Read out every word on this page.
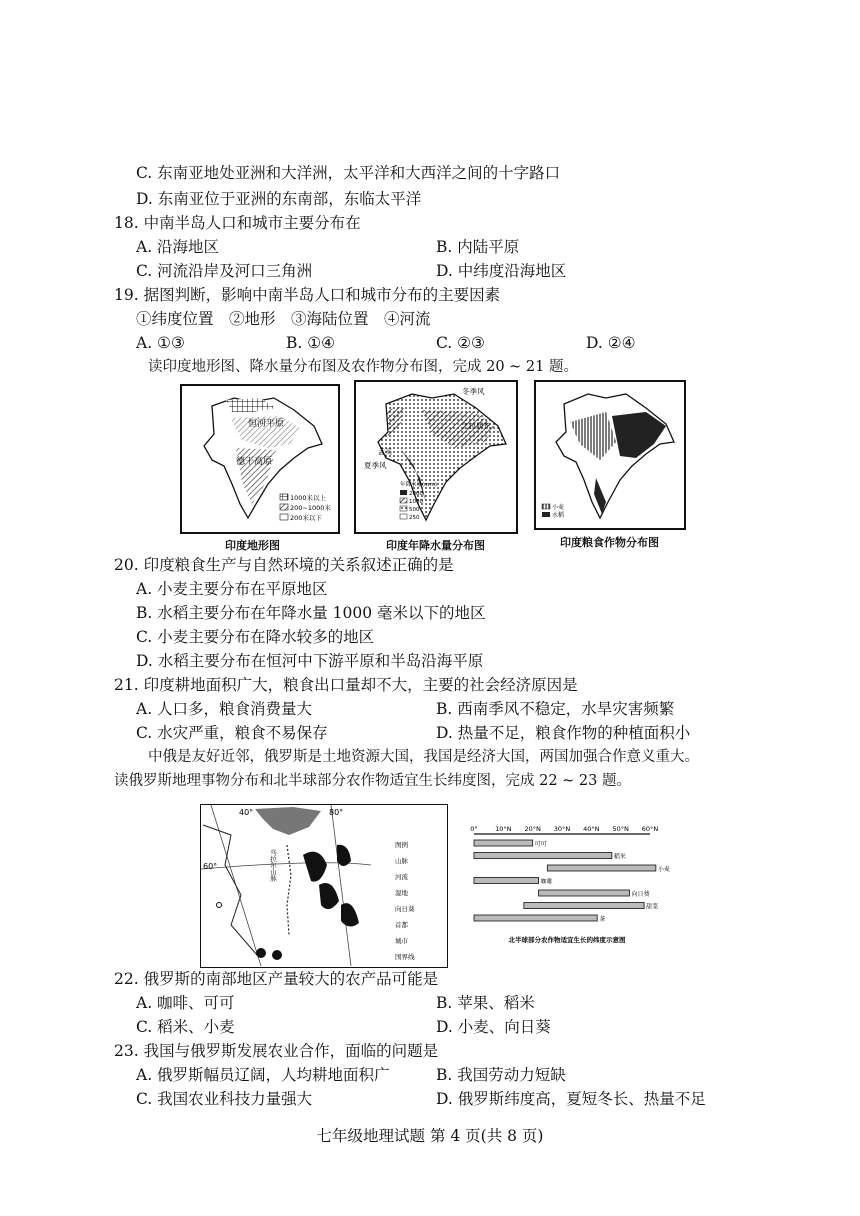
C. 东南亚地处亚洲和大洋洲，太平洋和大西洋之间的十字路口
D. 东南亚位于亚洲的东南部，东临太平洋
18. 中南半岛人口和城市主要分布在
A. 沿海地区	B. 内陆平原
C. 河流沿岸及河口三角洲	D. 中纬度沿海地区
19. 据图判断，影响中南半岛人口和城市分布的主要因素
①纬度位置　②地形　③海陆位置　④河流
A. ①③	B. ①④	C. ②③	D. ②④
读印度地形图、降水量分布图及农作物分布图，完成 20 ~ 21 题。
恒河平原
德干高原
1000米以上
200~1000米
200米以下
印度地形图
冬季风
乞拉朋齐
孟买
夏季风
年降水量(mm)
2000
1000
500
250
印度年降水量分布图
小麦
水稻
印度粮食作物分布图
20. 印度粮食生产与自然环境的关系叙述正确的是
A. 小麦主要分布在平原地区
B. 水稻主要分布在年降水量 1000 毫米以下的地区
C. 小麦主要分布在降水较多的地区
D. 水稻主要分布在恒河中下游平原和半岛沿海平原
21. 印度耕地面积广大，粮食出口量却不大，主要的社会经济原因是
A. 人口多，粮食消费量大	B. 西南季风不稳定，水旱灾害频繁
C. 水灾严重，粮食不易保存	D. 热量不足，粮食作物的种植面积小
中俄是友好近邻，俄罗斯是土地资源大国，我国是经济大国，两国加强合作意义重大。
读俄罗斯地理事物分布和北半球部分农作物适宜生长纬度图，完成 22 ~ 23 题。
40°	80°
60°	乌拉尔山脉
图例
山脉
河流
湿地
向日葵
首都
城市
国界线
0°	10°N 20°N 30°N 40°N 50°N 60°N
可可
稻米
小麦
咖啡
向日葵
甜菜
茶
北半球部分农作物适宜生长的纬度示意图
22. 俄罗斯的南部地区产量较大的农产品可能是
A. 咖啡、可可	B. 苹果、稻米
C. 稻米、小麦	D. 小麦、向日葵
23. 我国与俄罗斯发展农业合作，面临的问题是
A. 俄罗斯幅员辽阔，人均耕地面积广	B. 我国劳动力短缺
C. 我国农业科技力量强大	D. 俄罗斯纬度高，夏短冬长、热量不足
七年级地理试题 第 4 页(共 8 页)
